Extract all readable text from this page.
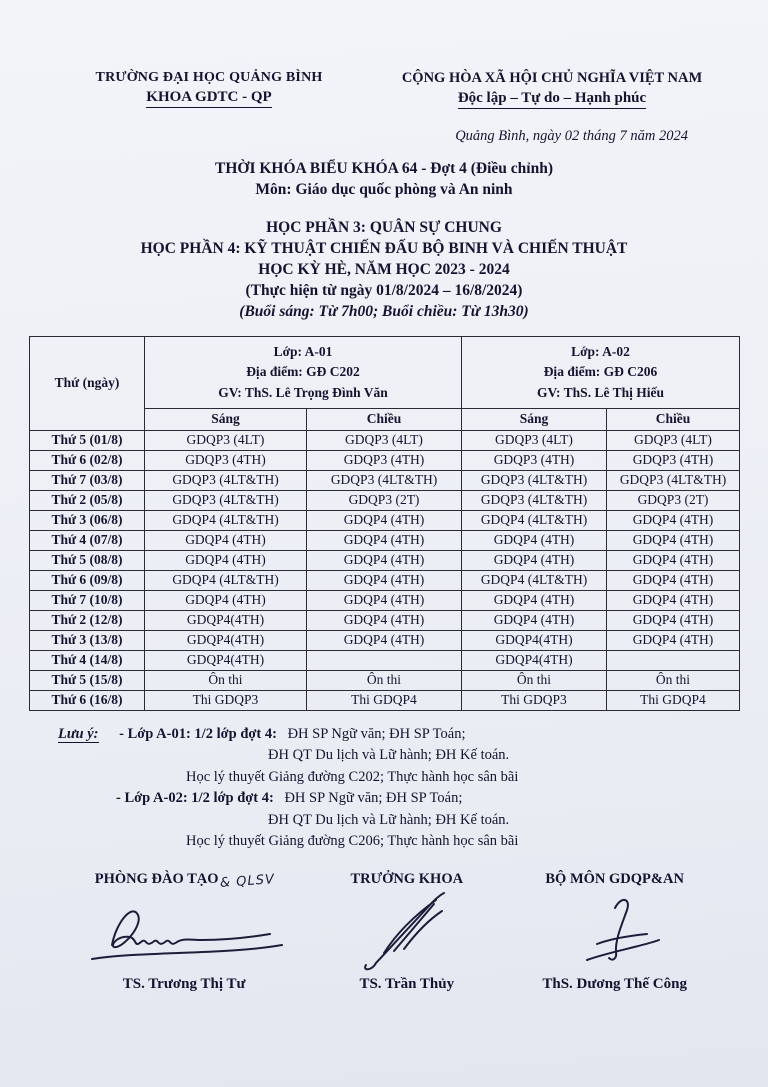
TRƯỜNG ĐẠI HỌC QUẢNG BÌNH
KHOA GDTC - QP
CỘNG HÒA XÃ HỘI CHỦ NGHĨA VIỆT NAM
Độc lập – Tự do – Hạnh phúc
Quảng Bình, ngày 02 tháng 7 năm 2024
THỜI KHÓA BIỂU KHÓA 64 - Đợt 4 (Điều chỉnh)
Môn: Giáo dục quốc phòng và An ninh
HỌC PHẦN 3: QUÂN SỰ CHUNG
HỌC PHẦN 4: KỸ THUẬT CHIẾN ĐẤU BỘ BINH VÀ CHIẾN THUẬT
HỌC KỲ HÈ, NĂM HỌC 2023 - 2024
(Thực hiện từ ngày 01/8/2024 – 16/8/2024)
(Buổi sáng: Từ 7h00; Buổi chiều: Từ 13h30)
Thứ (ngày)	
Lớp: A-01
Địa điểm: GĐ C202
GV: ThS. Lê Trọng Đình Văn

Lớp: A-02
Địa điểm: GĐ C206
GV: ThS. Lê Thị Hiếu

	Sáng	Chiều	Sáng	Chiều
Thứ 5 (01/8)	GDQP3 (4LT)	GDQP3 (4LT)	GDQP3 (4LT)	GDQP3 (4LT)
Thứ 6 (02/8)	GDQP3 (4TH)	GDQP3 (4TH)	GDQP3 (4TH)	GDQP3 (4TH)
Thứ 7 (03/8)	GDQP3 (4LT&TH)	GDQP3 (4LT&TH)	GDQP3 (4LT&TH)	GDQP3 (4LT&TH)
Thứ 2 (05/8)	GDQP3 (4LT&TH)	GDQP3 (2T)	GDQP3 (4LT&TH)	GDQP3 (2T)
Thứ 3 (06/8)	GDQP4 (4LT&TH)	GDQP4 (4TH)	GDQP4 (4LT&TH)	GDQP4 (4TH)
Thứ 4 (07/8)	GDQP4 (4TH)	GDQP4 (4TH)	GDQP4 (4TH)	GDQP4 (4TH)
Thứ 5 (08/8)	GDQP4 (4TH)	GDQP4 (4TH)	GDQP4 (4TH)	GDQP4 (4TH)
Thứ 6 (09/8)	GDQP4 (4LT&TH)	GDQP4 (4TH)	GDQP4 (4LT&TH)	GDQP4 (4TH)
Thứ 7 (10/8)	GDQP4 (4TH)	GDQP4 (4TH)	GDQP4 (4TH)	GDQP4 (4TH)
Thứ 2 (12/8)	GDQP4(4TH)	GDQP4 (4TH)	GDQP4 (4TH)	GDQP4 (4TH)
Thứ 3 (13/8)	GDQP4(4TH)	GDQP4 (4TH)	GDQP4(4TH)	GDQP4 (4TH)
Thứ 4 (14/8)	GDQP4(4TH)		GDQP4(4TH)	
Thứ 5 (15/8)	Ôn thi	Ôn thi	Ôn thi	Ôn thi
Thứ 6 (16/8)	Thi GDQP3	Thi GDQP4	Thi GDQP3	Thi GDQP4
Lưu ý: - Lớp A-01: 1/2 lớp đợt 4: ĐH SP Ngữ văn; ĐH SP Toán;
ĐH QT Du lịch và Lữ hành; ĐH Kế toán.
Học lý thuyết Giảng đường C202; Thực hành học sân bãi
- Lớp A-02: 1/2 lớp đợt 4: ĐH SP Ngữ văn; ĐH SP Toán;
ĐH QT Du lịch và Lữ hành; ĐH Kế toán.
Học lý thuyết Giảng đường C206; Thực hành học sân bãi
PHÒNG ĐÀO TẠO& QLSV
TS. Trương Thị Tư
TRƯỞNG KHOA
TS. Trần Thủy
BỘ MÔN GDQP&AN
ThS. Dương Thế Công
